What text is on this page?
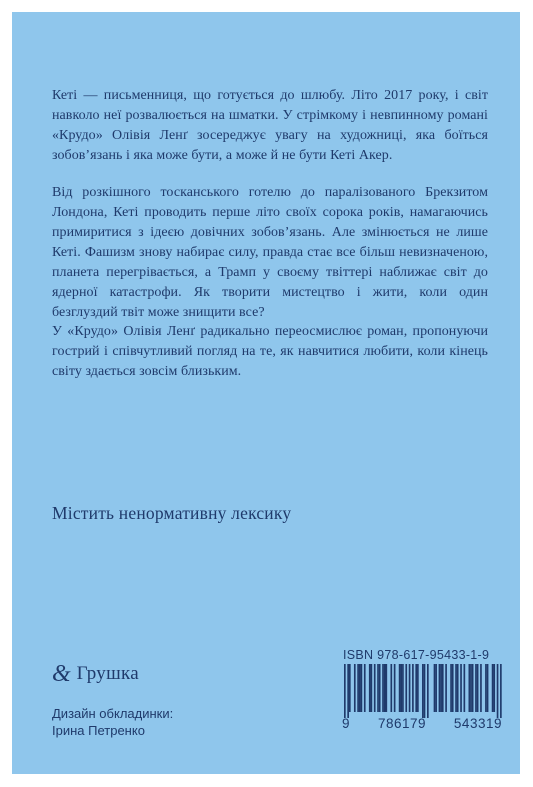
Кеті — письменниця, що готується до шлюбу. Літо 2017 року, і світ навколо неї розвалюється на шматки. У стрімкому і невпинному романі «Крудо» Олівія Ленґ зосереджує увагу на художниці, яка боїться зобов’язань і яка може бути, а може й не бути Кеті Акер.

Від розкішного тосканського готелю до паралізованого Брекзитом Лондона, Кеті проводить перше літо своїх сорока років, намагаючись примиритися з ідеєю довічних зобов’язань. Але змінюється не лише Кеті. Фашизм знову набирає силу, правда стає все більш невизначеною, планета перегрівається, а Трамп у своєму твіттері наближає світ до ядерної катастрофи. Як творити мистецтво і жити, коли один безглуздий твіт може знищити все?

У «Крудо» Олівія Ленґ радикально переосмислює роман, пропонуючи гострий і співчутливий погляд на те, як навчитися любити, коли кінець світу здається зовсім близьким.

Містить ненормативну лексику
& Грушка
Дизайн обкладинки:
Ірина Петренко
ISBN 978-617-95433-1-9
9 786179 543319
